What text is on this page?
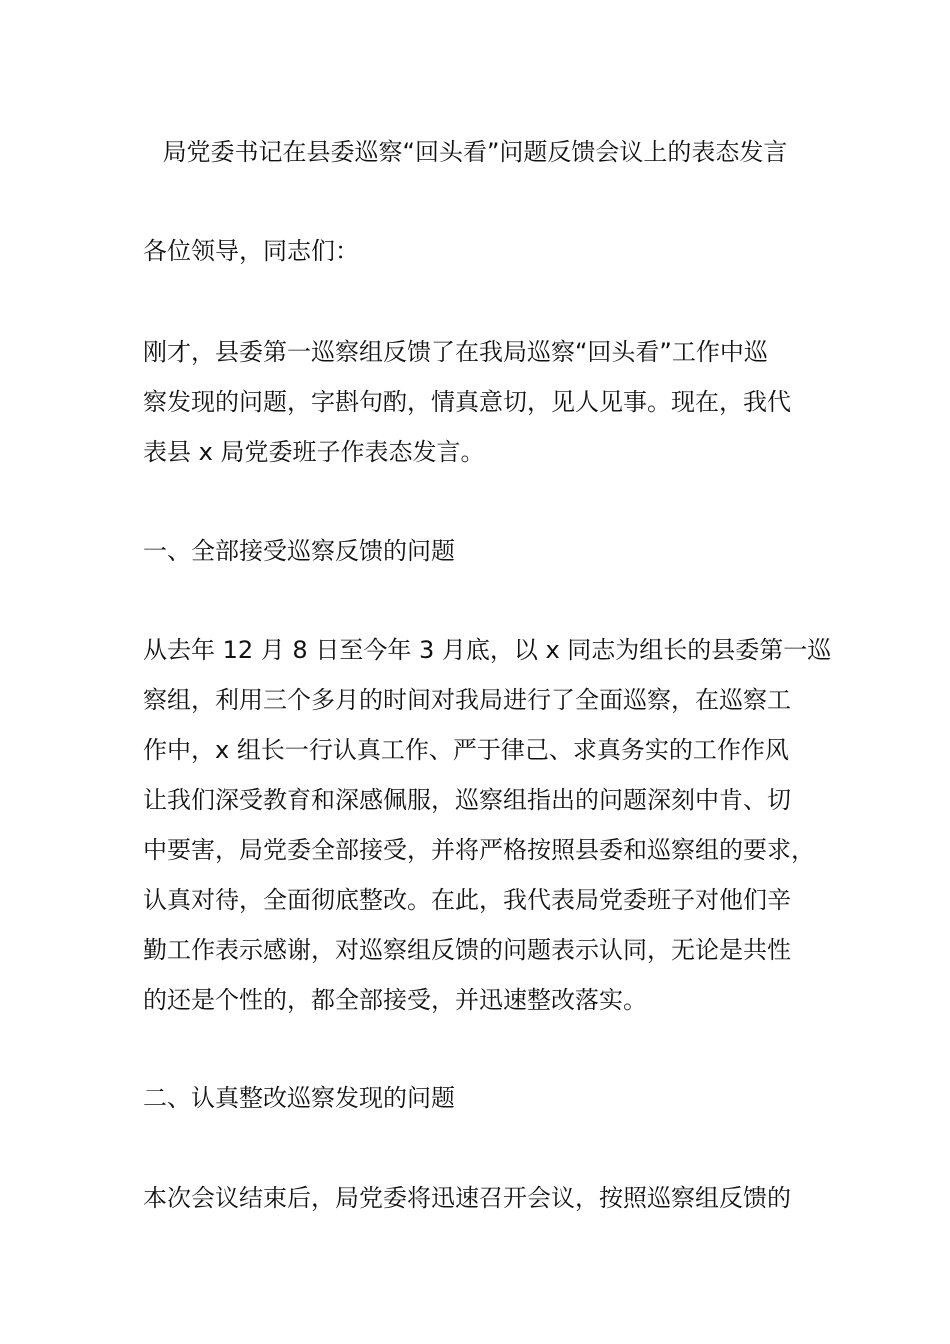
局党委书记在县委巡察“回头看”问题反馈会议上的表态发言
各位领导，同志们：
刚才，县委第一巡察组反馈了在我局巡察“回头看”工作中巡
察发现的问题，字斟句酌，情真意切，见人见事。现在，我代
表县 x 局党委班子作表态发言。
一、全部接受巡察反馈的问题
从去年 12 月 8 日至今年 3 月底，以 x 同志为组长的县委第一巡
察组，利用三个多月的时间对我局进行了全面巡察，在巡察工
作中，x 组长一行认真工作、严于律己、求真务实的工作作风
让我们深受教育和深感佩服，巡察组指出的问题深刻中肯、切
中要害，局党委全部接受，并将严格按照县委和巡察组的要求，
认真对待，全面彻底整改。在此，我代表局党委班子对他们辛
勤工作表示感谢，对巡察组反馈的问题表示认同，无论是共性
的还是个性的，都全部接受，并迅速整改落实。
二、认真整改巡察发现的问题
本次会议结束后，局党委将迅速召开会议，按照巡察组反馈的
